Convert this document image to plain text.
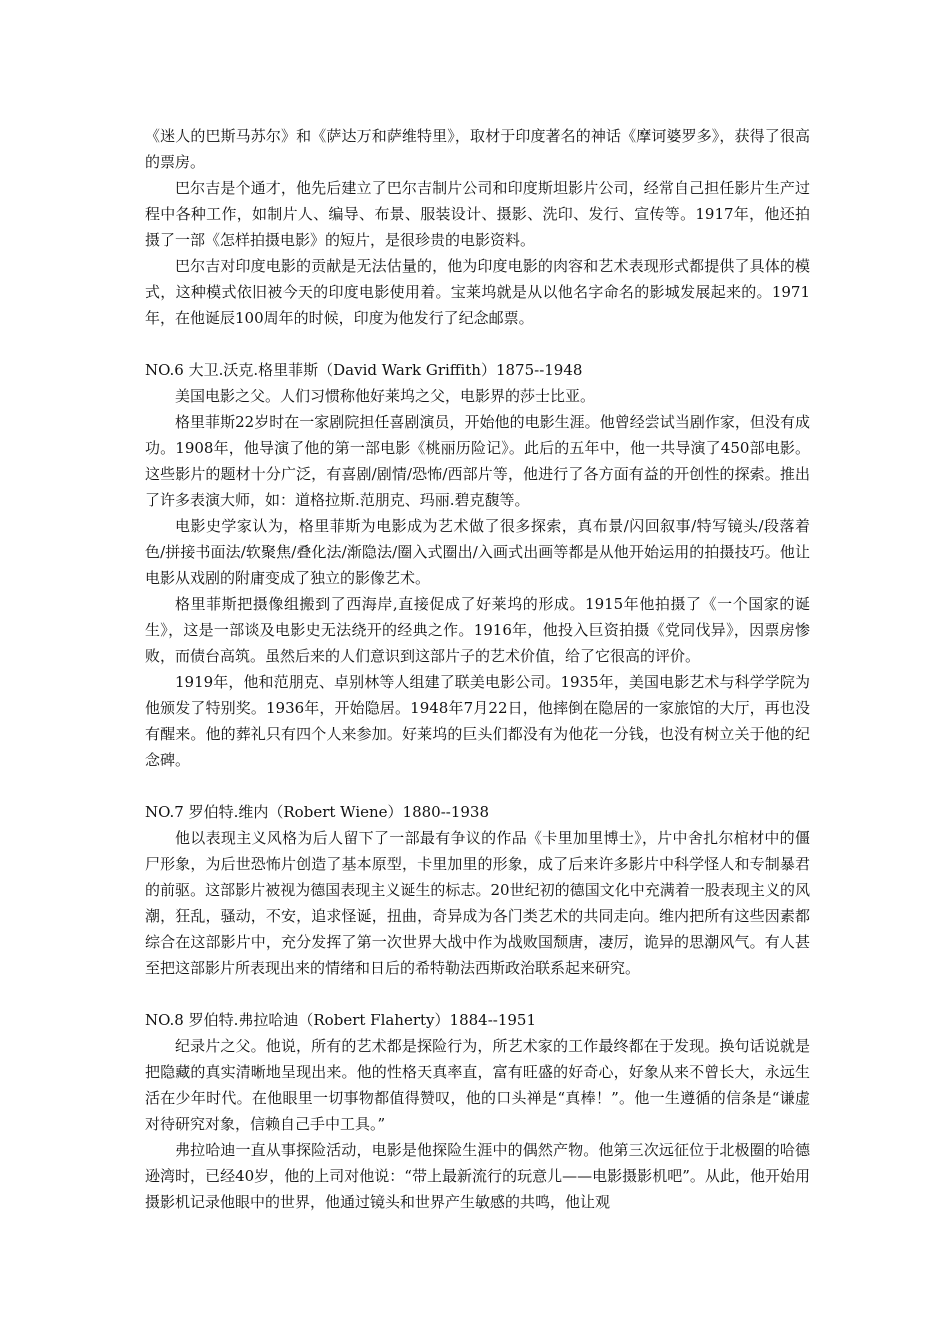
《迷人的巴斯马苏尔》和《萨达万和萨维特里》，取材于印度著名的神话《摩诃婆罗多》，获得了很高的票房。

巴尔吉是个通才，他先后建立了巴尔吉制片公司和印度斯坦影片公司，经常自己担任影片生产过程中各种工作，如制片人、编导、布景、服装设计、摄影、洗印、发行、宣传等。1917年，他还拍摄了一部《怎样拍摄电影》的短片，是很珍贵的电影资料。

巴尔吉对印度电影的贡献是无法估量的，他为印度电影的肉容和艺术表现形式都提供了具体的模式，这种模式依旧被今天的印度电影使用着。宝莱坞就是从以他名字命名的影城发展起来的。1971年，在他诞辰100周年的时候，印度为他发行了纪念邮票。

NO.6 大卫.沃克.格里菲斯（David Wark Griffith）1875--1948

美国电影之父。人们习惯称他好莱坞之父，电影界的莎士比亚。

格里菲斯22岁时在一家剧院担任喜剧演员，开始他的电影生涯。他曾经尝试当剧作家，但没有成功。1908年，他导演了他的第一部电影《桃丽历险记》。此后的五年中，他一共导演了450部电影。这些影片的题材十分广泛，有喜剧/剧情/恐怖/西部片等，他进行了各方面有益的开创性的探索。推出了许多表演大师，如：道格拉斯.范朋克、玛丽.碧克馥等。

电影史学家认为，格里菲斯为电影成为艺术做了很多探索，真布景/闪回叙事/特写镜头/段落着色/拼接书面法/软聚焦/叠化法/渐隐法/圈入式圈出/入画式出画等都是从他开始运用的拍摄技巧。他让电影从戏剧的附庸变成了独立的影像艺术。

格里菲斯把摄像组搬到了西海岸,直接促成了好莱坞的形成。1915年他拍摄了《一个国家的诞生》，这是一部谈及电影史无法绕开的经典之作。1916年，他投入巨资拍摄《党同伐异》，因票房惨败，而债台高筑。虽然后来的人们意识到这部片子的艺术价值，给了它很高的评价。

1919年，他和范朋克、卓别林等人组建了联美电影公司。1935年，美国电影艺术与科学学院为他颁发了特别奖。1936年，开始隐居。1948年7月22日，他摔倒在隐居的一家旅馆的大厅，再也没有醒来。他的葬礼只有四个人来参加。好莱坞的巨头们都没有为他花一分钱，也没有树立关于他的纪念碑。

NO.7 罗伯特.维内（Robert Wiene）1880--1938

他以表现主义风格为后人留下了一部最有争议的作品《卡里加里博士》，片中舍扎尔棺材中的僵尸形象，为后世恐怖片创造了基本原型，卡里加里的形象，成了后来许多影片中科学怪人和专制暴君的前驱。这部影片被视为德国表现主义诞生的标志。20世纪初的德国文化中充满着一股表现主义的风潮，狂乱，骚动，不安，追求怪诞，扭曲，奇异成为各门类艺术的共同走向。维内把所有这些因素都综合在这部影片中，充分发挥了第一次世界大战中作为战败国颓唐，凄厉，诡异的思潮风气。有人甚至把这部影片所表现出来的情绪和日后的希特勒法西斯政治联系起来研究。

NO.8 罗伯特.弗拉哈迪（Robert Flaherty）1884--1951

纪录片之父。他说，所有的艺术都是探险行为，所艺术家的工作最终都在于发现。换句话说就是把隐藏的真实清晰地呈现出来。他的性格天真率直，富有旺盛的好奇心，好象从来不曾长大，永远生活在少年时代。在他眼里一切事物都值得赞叹，他的口头禅是“真棒！”。他一生遵循的信条是“谦虚对待研究对象，信赖自己手中工具。”

弗拉哈迪一直从事探险活动，电影是他探险生涯中的偶然产物。他第三次远征位于北极圈的哈德逊湾时，已经40岁，他的上司对他说：“带上最新流行的玩意儿——电影摄影机吧”。从此，他开始用摄影机记录他眼中的世界，他通过镜头和世界产生敏感的共鸣，他让观
